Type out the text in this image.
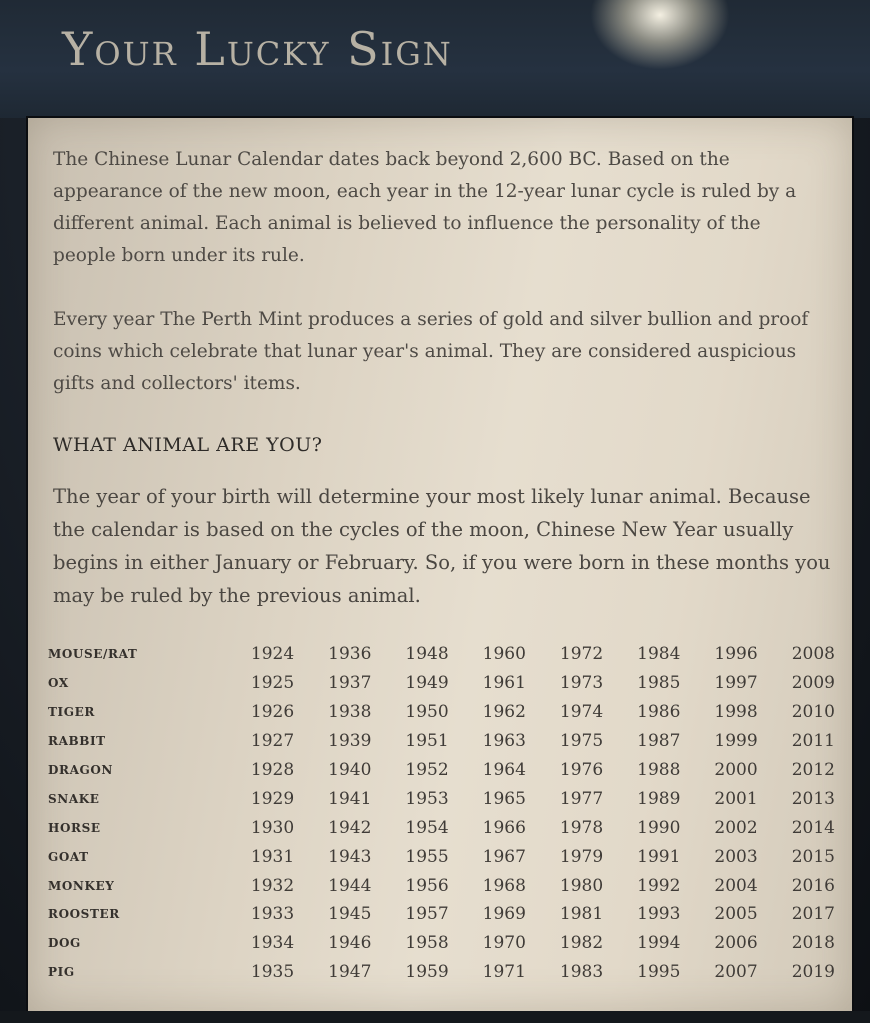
Your Lucky Sign

The Chinese Lunar Calendar dates back beyond 2,600 BC. Based on the appearance of the new moon, each year in the 12-year lunar cycle is ruled by a different animal. Each animal is believed to influence the personality of the people born under its rule.

Every year The Perth Mint produces a series of gold and silver bullion and proof coins which celebrate that lunar year's animal. They are considered auspicious gifts and collectors' items.

WHAT ANIMAL ARE YOU?

The year of your birth will determine your most likely lunar animal. Because the calendar is based on the cycles of the moon, Chinese New Year usually begins in either January or February. So, if you were born in these months you may be ruled by the previous animal.

MOUSE/RAT	1924	1936	1948	1960	1972	1984	1996	2008
OX	1925	1937	1949	1961	1973	1985	1997	2009
TIGER	1926	1938	1950	1962	1974	1986	1998	2010
RABBIT	1927	1939	1951	1963	1975	1987	1999	2011
DRAGON	1928	1940	1952	1964	1976	1988	2000	2012
SNAKE	1929	1941	1953	1965	1977	1989	2001	2013
HORSE	1930	1942	1954	1966	1978	1990	2002	2014
GOAT	1931	1943	1955	1967	1979	1991	2003	2015
MONKEY	1932	1944	1956	1968	1980	1992	2004	2016
ROOSTER	1933	1945	1957	1969	1981	1993	2005	2017
DOG	1934	1946	1958	1970	1982	1994	2006	2018
PIG	1935	1947	1959	1971	1983	1995	2007	2019
